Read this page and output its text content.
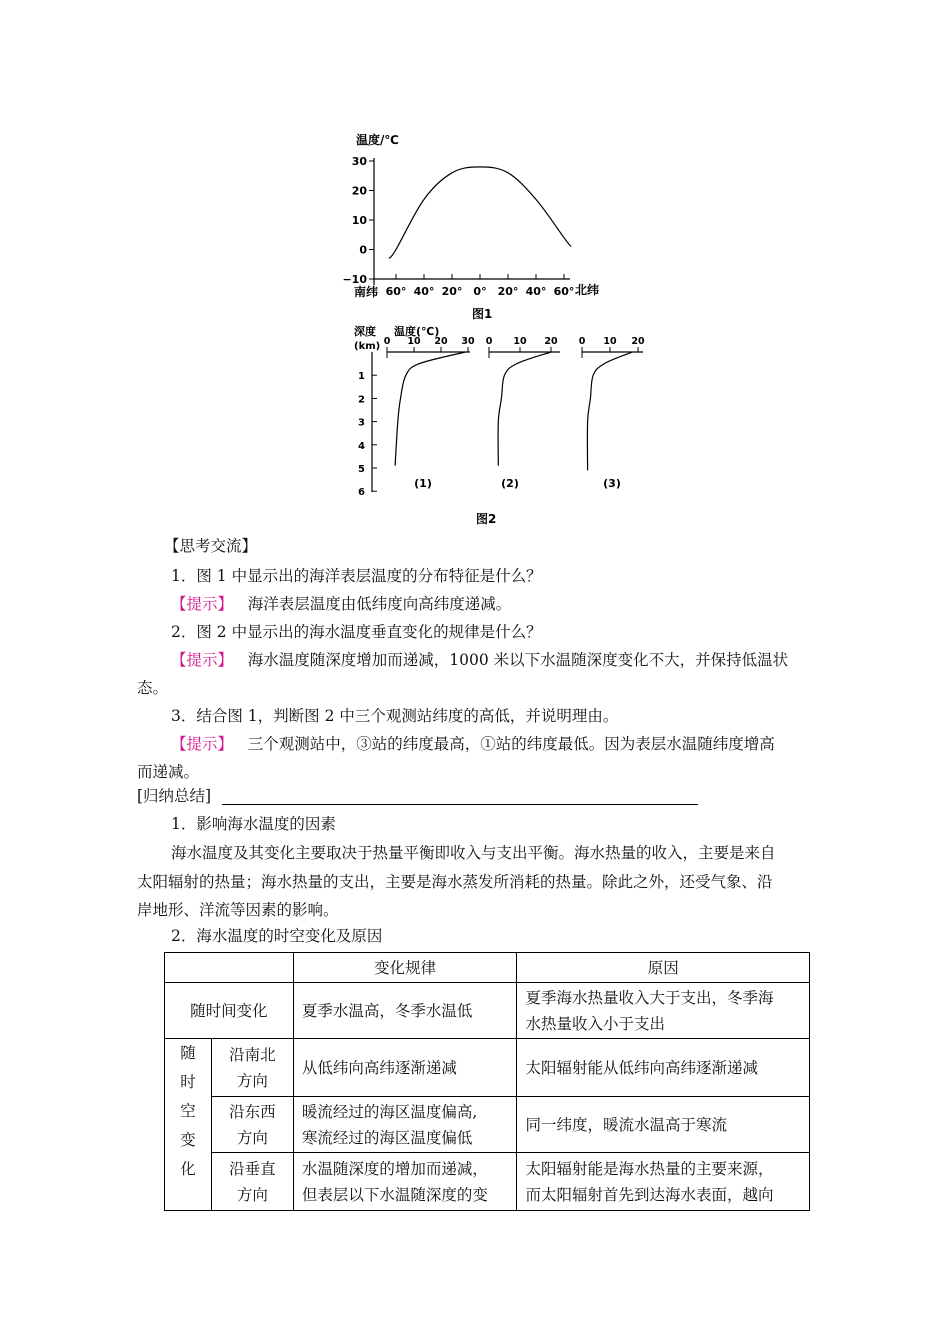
温度/℃
30
20
10
0
−10
60° 40° 20° 0° 20° 40° 60°
南纬	北纬
图1
深度
(km)
温度(℃)
1
2
3
4
5
6
0 10 20 30
(1)
0 10 20
(2)
0 10 20
(3)
图2
【思考交流】
1．图 1 中显示出的海洋表层温度的分布特征是什么？
【提示】 海洋表层温度由低纬度向高纬度递减。
2．图 2 中显示出的海水温度垂直变化的规律是什么？
【提示】 海水温度随深度增加而递减，1000 米以下水温随深度变化不大，并保持低温状
态。
3．结合图 1，判断图 2 中三个观测站纬度的高低，并说明理由。
【提示】 三个观测站中，③站的纬度最高，①站的纬度最低。因为表层水温随纬度增高
而递减。
[归纳总结]
1．影响海水温度的因素
海水温度及其变化主要取决于热量平衡即收入与支出平衡。海水热量的收入，主要是来自
太阳辐射的热量；海水热量的支出，主要是海水蒸发所消耗的热量。除此之外，还受气象、沿
岸地形、洋流等因素的影响。
2．海水温度的时空变化及原因
		变化规律	原因
随时间变化		夏季水温高，冬季水温低	夏季海水热量收入大于支出，冬季海
水热量收入小于支出
随
时
空
变
化	沿南北
方向	从低纬向高纬逐渐递减	太阳辐射能从低纬向高纬逐渐递减
	沿东西
方向	暖流经过的海区温度偏高,
寒流经过的海区温度偏低	同一纬度，暖流水温高于寒流
	沿垂直
方向	水温随深度的增加而递减，
但表层以下水温随深度的变	太阳辐射能是海水热量的主要来源，
而太阳辐射首先到达海水表面，越向
